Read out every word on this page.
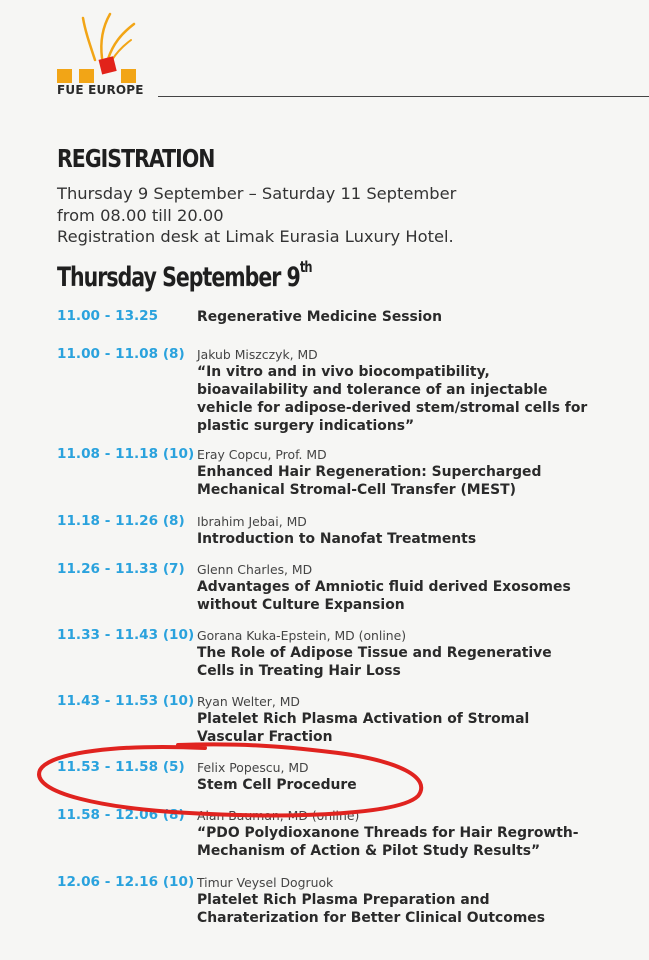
FUE EUROPE
REGISTRATION
Thursday 9 September – Saturday 11 September
from 08.00 till 20.00
Registration desk at Limak Eurasia Luxury Hotel.
Thursday September 9th
11.00 - 13.25	Regenerative Medicine Session
11.00 - 11.08 (8) Jakub Miszczyk, MD
“In vitro and in vivo biocompatibility,
bioavailability and tolerance of an injectable
vehicle for adipose-derived stem/stromal cells for
plastic surgery indications”
11.08 - 11.18 (10) Eray Copcu, Prof. MD
Enhanced Hair Regeneration: Supercharged
Mechanical Stromal-Cell Transfer (MEST)
11.18 - 11.26 (8) Ibrahim Jebai, MD
Introduction to Nanofat Treatments
11.26 - 11.33 (7) Glenn Charles, MD
Advantages of Amniotic fluid derived Exosomes
without Culture Expansion
11.33 - 11.43 (10) Gorana Kuka-Epstein, MD (online)
The Role of Adipose Tissue and Regenerative
Cells in Treating Hair Loss
11.43 - 11.53 (10) Ryan Welter, MD
Platelet Rich Plasma Activation of Stromal
Vascular Fraction
11.53 - 11.58 (5) Felix Popescu, MD
Stem Cell Procedure
11.58 - 12.06 (8) Alan Bauman, MD (online)
“PDO Polydioxanone Threads for Hair Regrowth-
Mechanism of Action & Pilot Study Results”
12.06 - 12.16 (10) Timur Veysel Dogruok
Platelet Rich Plasma Preparation and
Charaterization for Better Clinical Outcomes
